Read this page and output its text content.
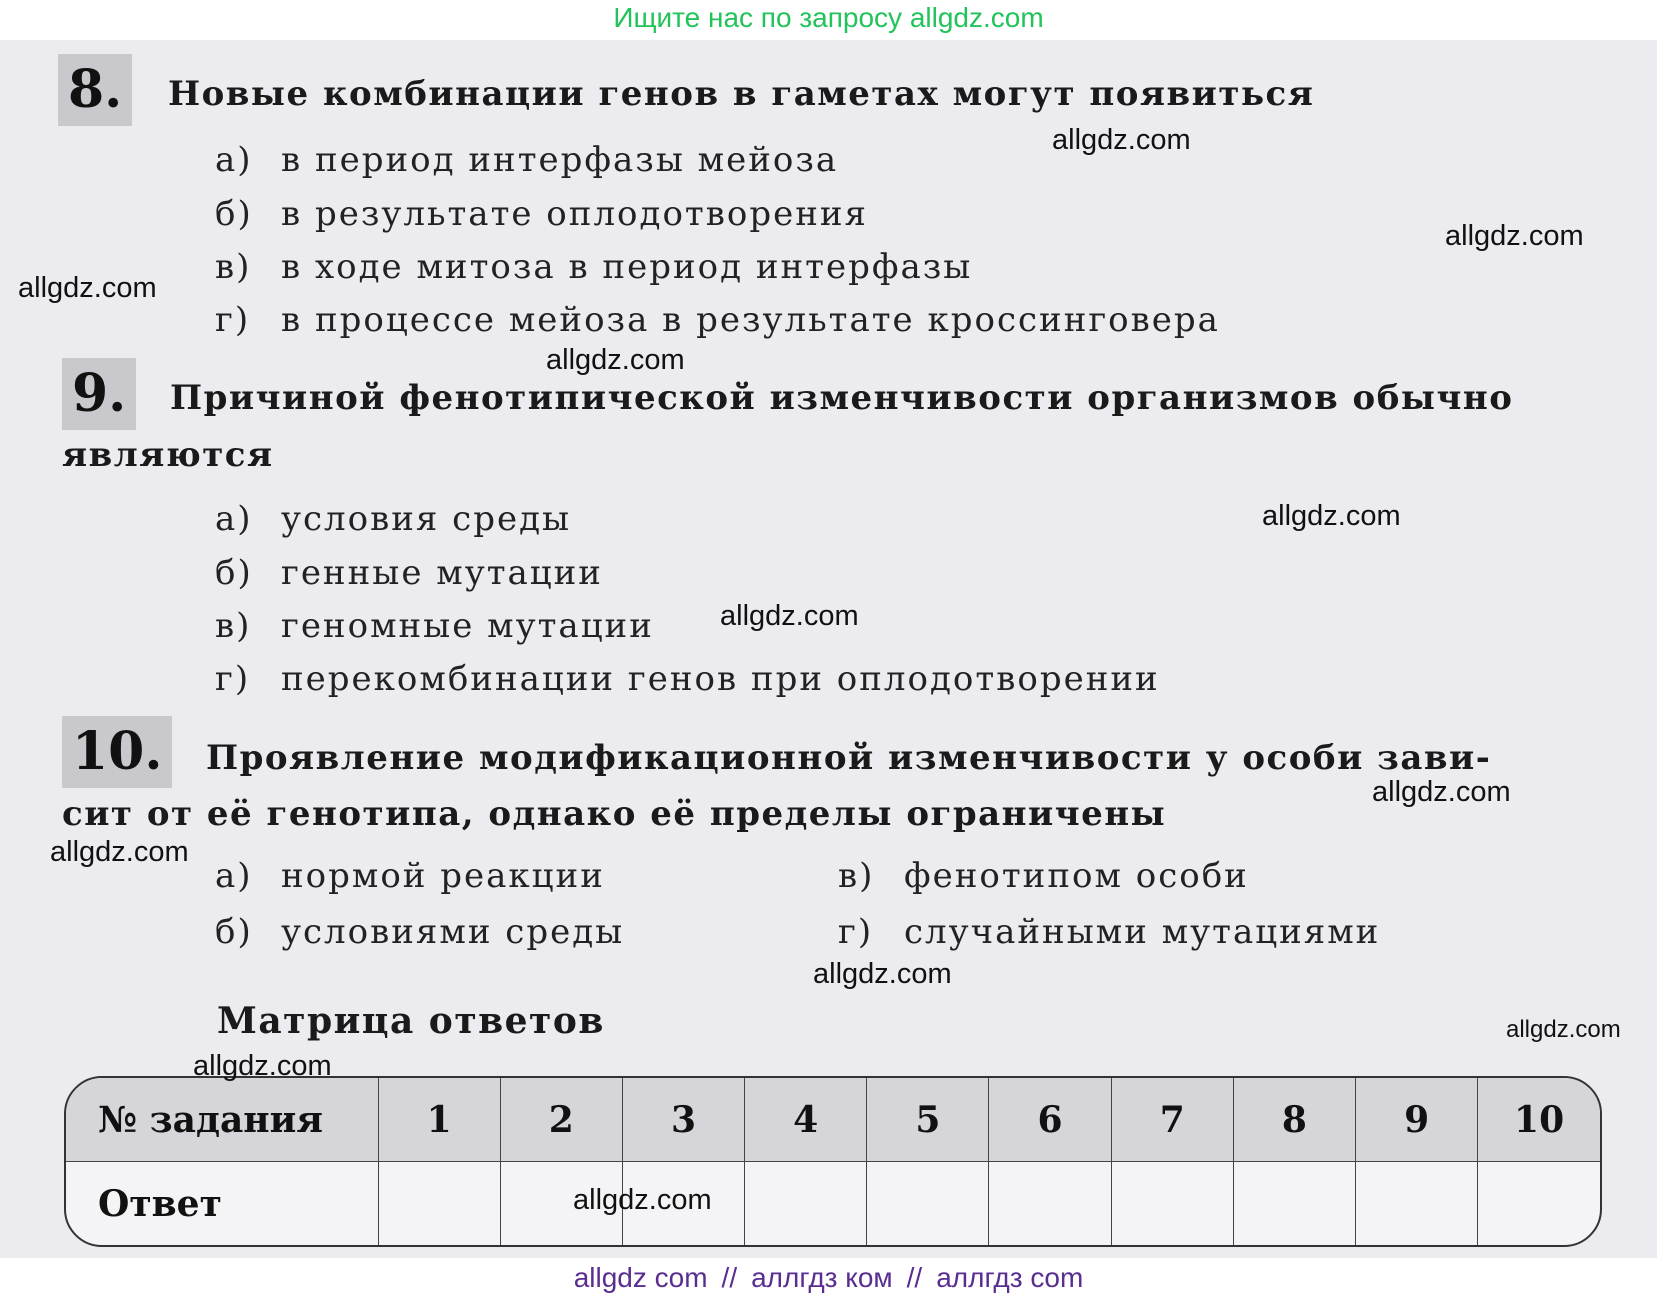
Ищите нас по запросу allgdz.com
8. Новые комбинации генов в гаметах могут появиться
а) в период интерфазы мейоза
б) в результате оплодотворения
в) в ходе митоза в период интерфазы
г) в процессе мейоза в результате кроссинговера
9. Причиной фенотипической изменчивости организмов обычно
являются
а) условия среды
б) генные мутации
в) геномные мутации
г) перекомбинации генов при оплодотворении
10. Проявление модификационной изменчивости у особи зави-
сит от её генотипа, однако её пределы ограничены
а) нормой реакции
б) условиями среды
в) фенотипом особи
г) случайными мутациями
Матрица ответов
№ задания	1	2	3	4	5	6	7	8	9	10
Ответ										
allgdz.com
allgdz.com
allgdz.com
allgdz.com
allgdz.com
allgdz.com
allgdz.com
allgdz.com
allgdz.com
allgdz.com
allgdz.com
allgdz.com
allgdz com // аллгдз ком // аллгдз com
